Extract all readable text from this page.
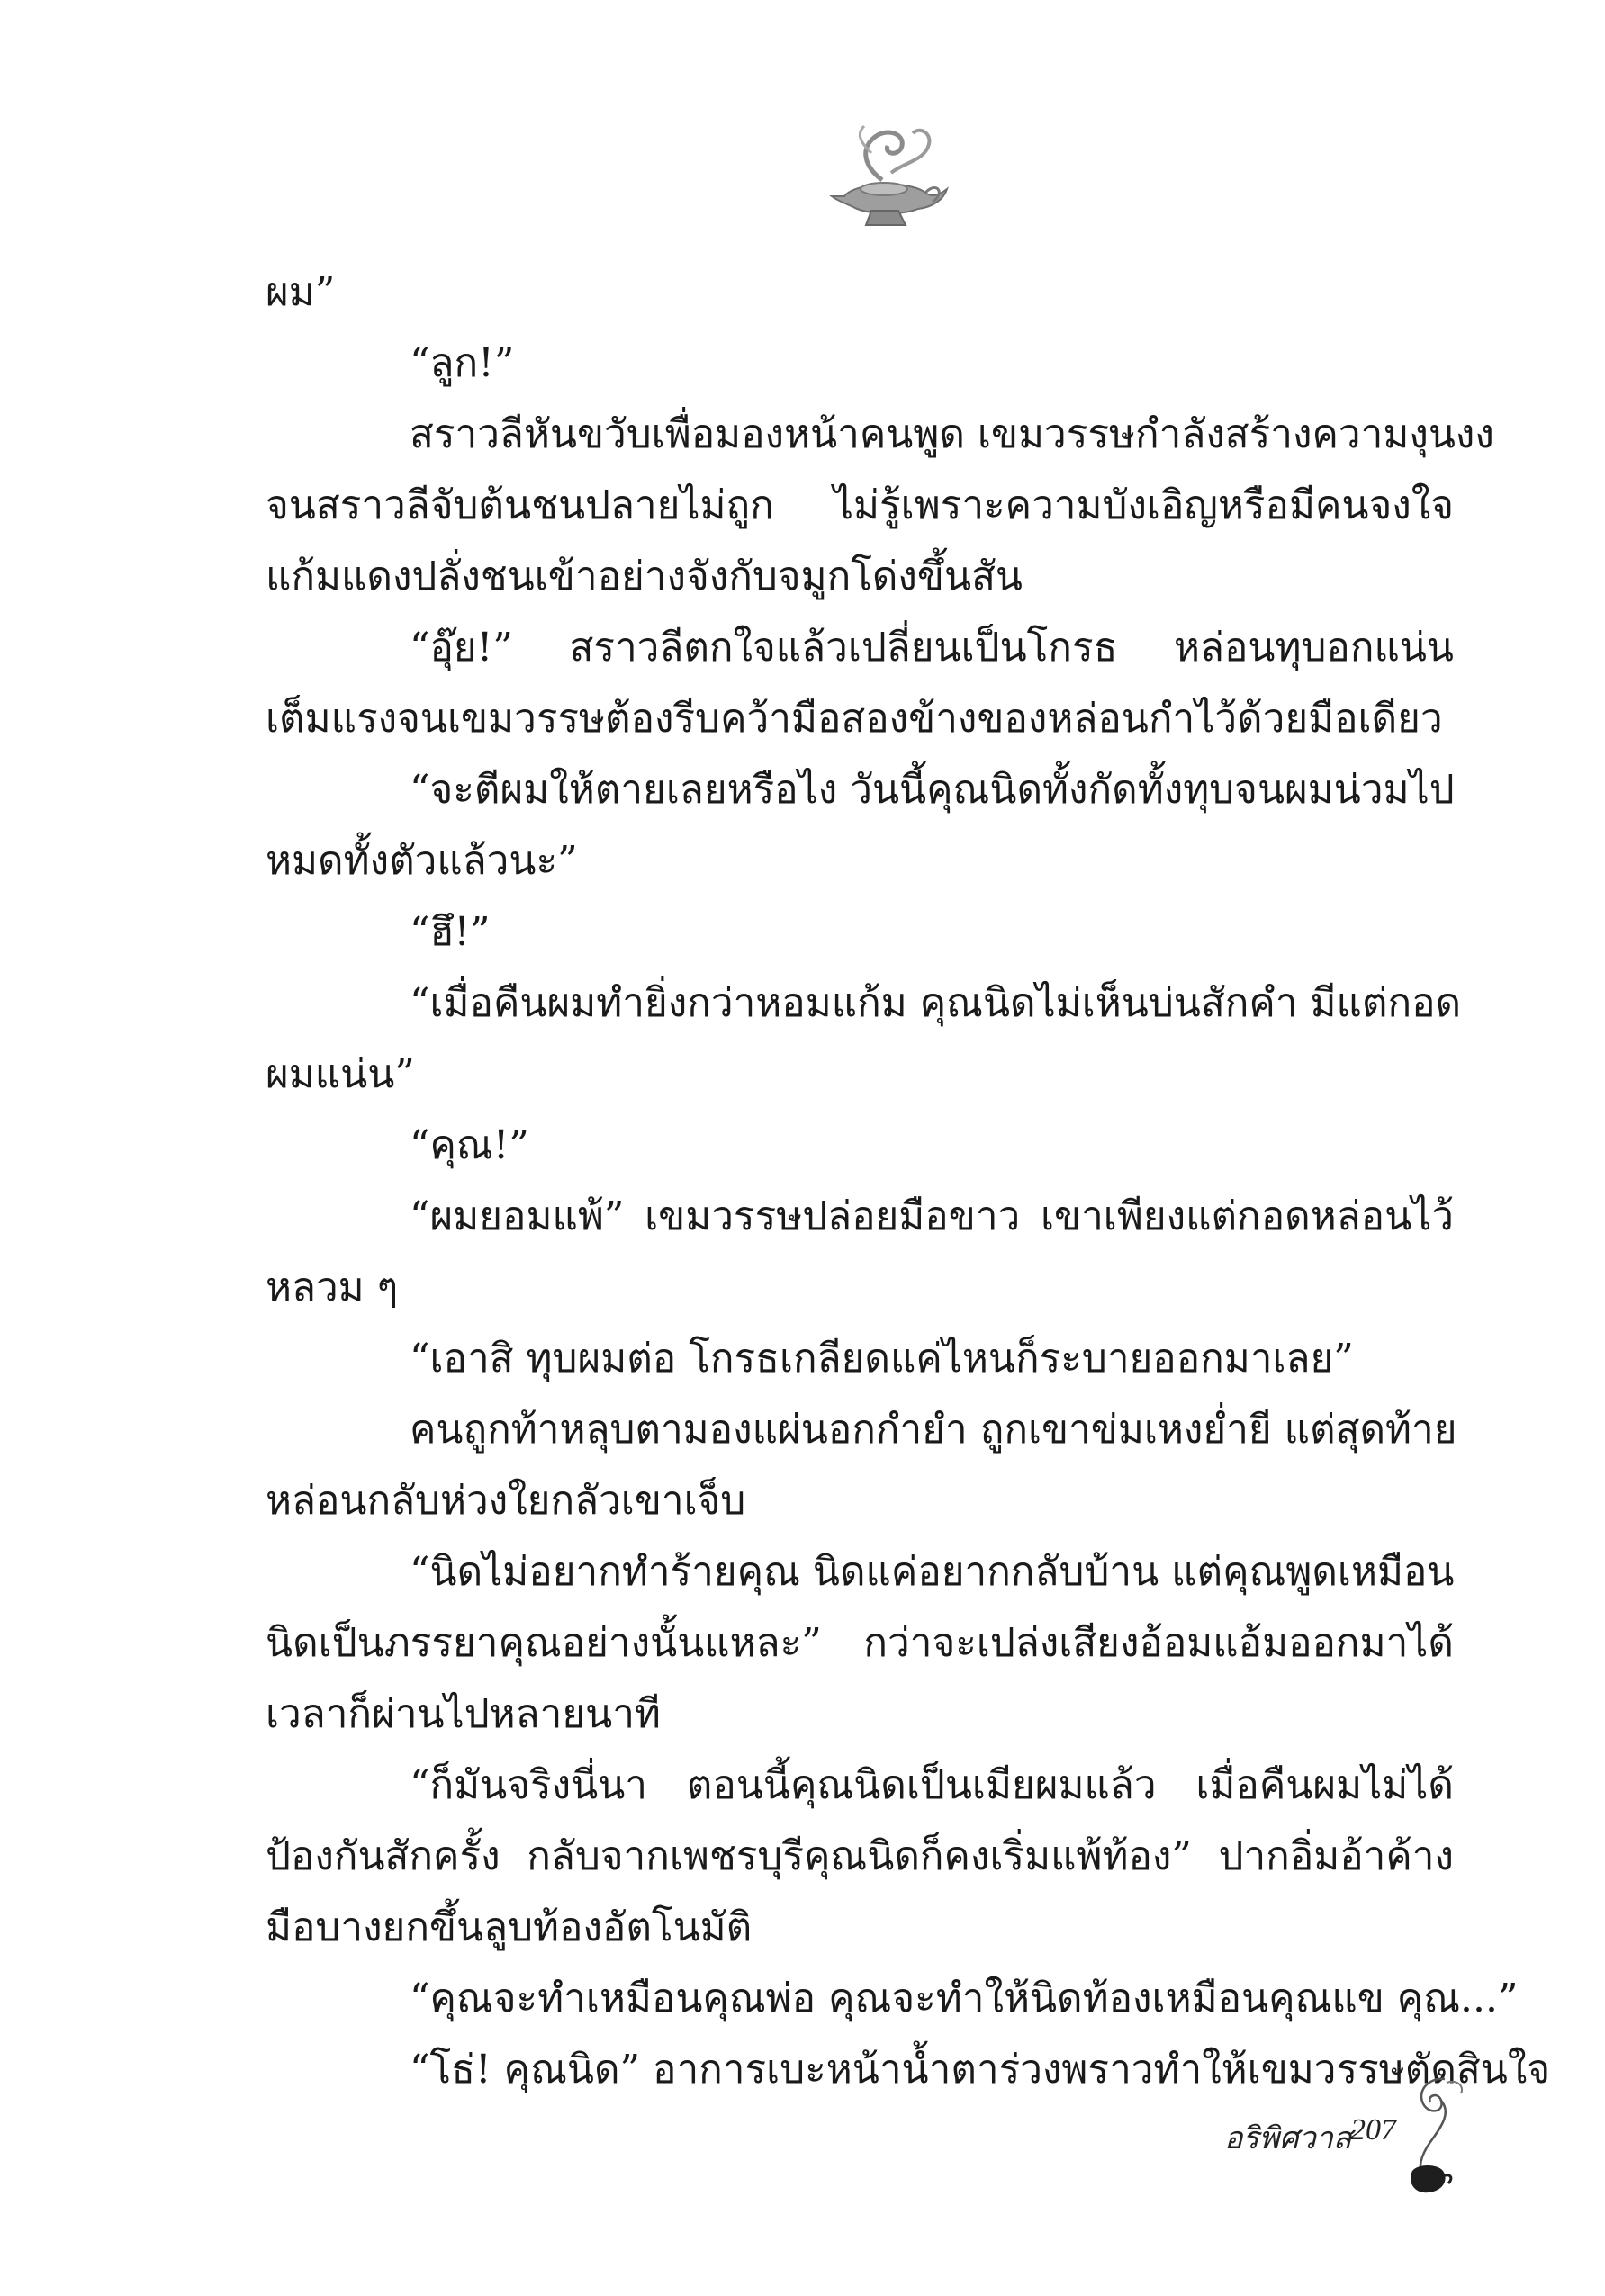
ผม”
“ลูก!”
สราวลีหันขวับเพื่อมองหน้าคนพูด เขมวรรษกำลังสร้างความงุนงง
จนสราวลีจับต้นชนปลายไม่ถูก ไม่รู้เพราะความบังเอิญหรือมีคนจงใจ
แก้มแดงปลั่งชนเข้าอย่างจังกับจมูกโด่งขึ้นสัน
“อุ๊ย!” สราวลีตกใจแล้วเปลี่ยนเป็นโกรธ หล่อนทุบอกแน่น
เต็มแรงจนเขมวรรษต้องรีบคว้ามือสองข้างของหล่อนกำไว้ด้วยมือเดียว
“จะตีผมให้ตายเลยหรือไง วันนี้คุณนิดทั้งกัดทั้งทุบจนผมน่วมไป
หมดทั้งตัวแล้วนะ”
“ฮึ!”
“เมื่อคืนผมทำยิ่งกว่าหอมแก้ม คุณนิดไม่เห็นบ่นสักคำ มีแต่กอด
ผมแน่น”
“คุณ!”
“ผมยอมแพ้” เขมวรรษปล่อยมือขาว เขาเพียงแต่กอดหล่อนไว้
หลวม ๆ
“เอาสิ ทุบผมต่อ โกรธเกลียดแค่ไหนก็ระบายออกมาเลย”
คนถูกท้าหลุบตามองแผ่นอกกำยำ ถูกเขาข่มเหงย่ำยี แต่สุดท้าย
หล่อนกลับห่วงใยกลัวเขาเจ็บ
“นิดไม่อยากทำร้ายคุณ นิดแค่อยากกลับบ้าน แต่คุณพูดเหมือน
นิดเป็นภรรยาคุณอย่างนั้นแหละ” กว่าจะเปล่งเสียงอ้อมแอ้มออกมาได้
เวลาก็ผ่านไปหลายนาที
“ก็มันจริงนี่นา ตอนนี้คุณนิดเป็นเมียผมแล้ว เมื่อคืนผมไม่ได้
ป้องกันสักครั้ง กลับจากเพชรบุรีคุณนิดก็คงเริ่มแพ้ท้อง” ปากอิ่มอ้าค้าง
มือบางยกขึ้นลูบท้องอัตโนมัติ
“คุณจะทำเหมือนคุณพ่อ คุณจะทำให้นิดท้องเหมือนคุณแข คุณ...”
“โธ่! คุณนิด” อาการเบะหน้าน้ำตาร่วงพราวทำให้เขมวรรษตัดสินใจ
อริพิศวาส
207
